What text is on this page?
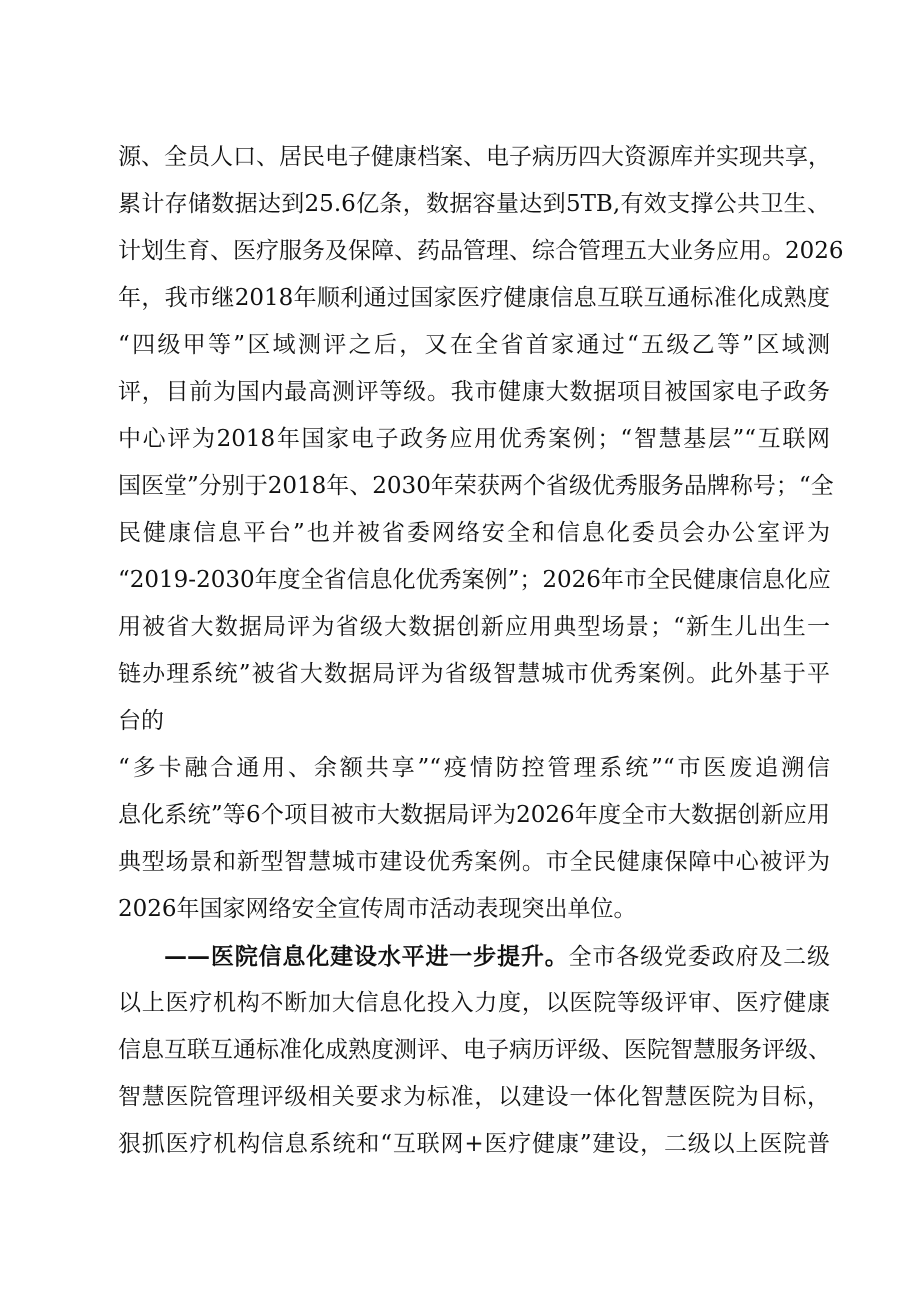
源、全员人口、居民电子健康档案、电子病历四大资源库并实现共享，
累计存储数据达到25.6亿条，数据容量达到5TB,有效支撑公共卫生、
计划生育、医疗服务及保障、药品管理、综合管理五大业务应用。2026
年，我市继2018年顺利通过国家医疗健康信息互联互通标准化成熟度
“四级甲等”区域测评之后，又在全省首家通过“五级乙等”区域测
评，目前为国内最高测评等级。我市健康大数据项目被国家电子政务
中心评为2018年国家电子政务应用优秀案例；“智慧基层”“互联网
国医堂”分别于2018年、2030年荣获两个省级优秀服务品牌称号；“全
民健康信息平台”也并被省委网络安全和信息化委员会办公室评为
“2019-2030年度全省信息化优秀案例”；2026年市全民健康信息化应
用被省大数据局评为省级大数据创新应用典型场景；“新生儿出生一
链办理系统”被省大数据局评为省级智慧城市优秀案例。此外基于平
台的
“多卡融合通用、余额共享”“疫情防控管理系统”“市医废追溯信
息化系统”等6个项目被市大数据局评为2026年度全市大数据创新应用
典型场景和新型智慧城市建设优秀案例。市全民健康保障中心被评为
2026年国家网络安全宣传周市活动表现突出单位。
——医院信息化建设水平进一步提升。全市各级党委政府及二级
以上医疗机构不断加大信息化投入力度，以医院等级评审、医疗健康
信息互联互通标准化成熟度测评、电子病历评级、医院智慧服务评级、
智慧医院管理评级相关要求为标准，以建设一体化智慧医院为目标，
狠抓医疗机构信息系统和“互联网+医疗健康”建设，二级以上医院普
